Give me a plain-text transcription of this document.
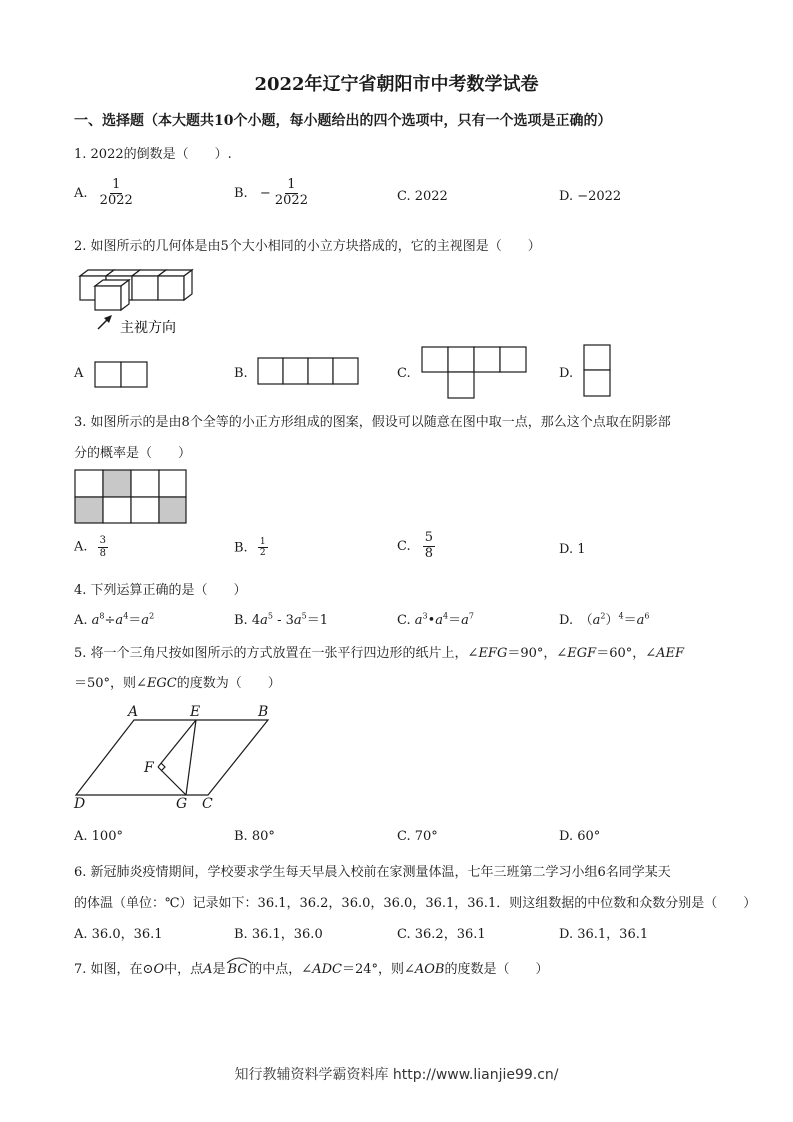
2022年辽宁省朝阳市中考数学试卷
一、选择题（本大题共10个小题，每小题给出的四个选项中，只有一个选项是正确的）
1. 2022的倒数是（　　）.
A. $\frac{1}{2022}$	B. − $\frac{1}{2022}$	C. 2022	D. −2022
2. 如图所示的几何体是由5个大小相同的小立方块搭成的，它的主视图是（　　）
主视方向
A	B.	C.	D.
3. 如图所示的是由8个全等的小正方形组成的图案，假设可以随意在图中取一点，那么这个点取在阴影部
分的概率是（　　）
A. $\frac{3}{8}$	B. $\frac{1}{2}$	C. $\frac{5}{8}$	D. 1
4. 下列运算正确的是（　　）
A. $a^8\div a^4=a^2$	B. $4a^5 - 3a^5=1$	C. $a^3•a^4=a^7$	D.　$(a^2)^4=a^6$
5. 将一个三角尺按如图所示的方式放置在一张平行四边形的纸片上，∠EFG＝90°，∠EGF＝60°，∠AEF
＝50°，则∠EGC的度数为（　　）
A	E	B
F
D	G C
A. 100°	B. 80°	C. 70°	D. 60°
6. 新冠肺炎疫情期间，学校要求学生每天早晨入校前在家测量体温，七年三班第二学习小组6名同学某天
的体温（单位：℃）记录如下：36.1，36.2，36.0，36.0，36.1，36.1．则这组数据的中位数和众数分别是（　　）
A. 36.0，36.1	B. 36.1，36.0	C. 36.2，36.1	D. 36.1，36.1
7. 如图，在⊙O中，点A是 BC 的中点，∠ADC＝24°，则∠AOB的度数是（　　）
知行教辅资料学霸资料库 http://www.lianjie99.cn/
